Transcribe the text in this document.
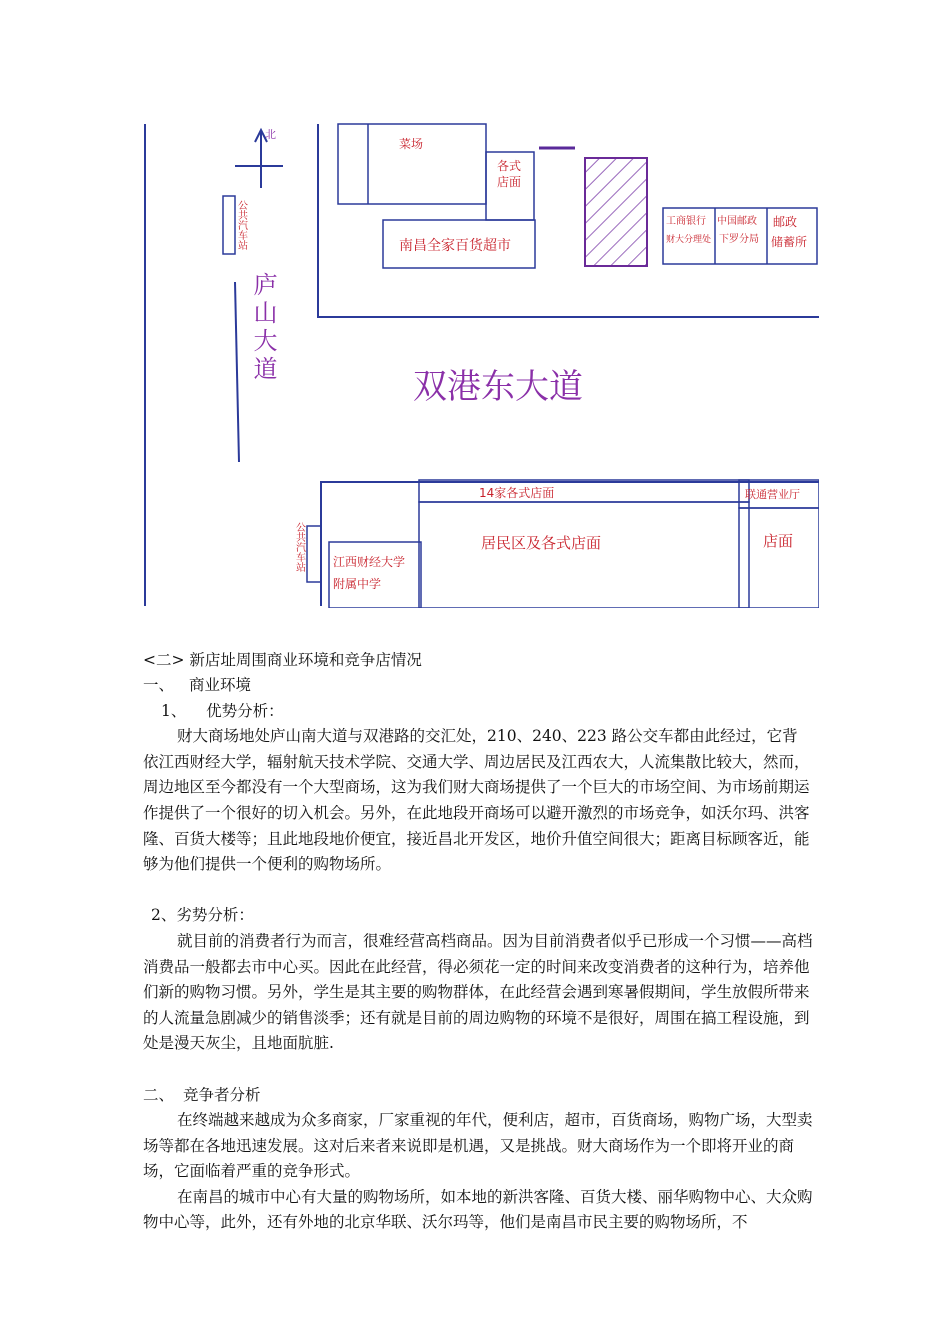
北
公共汽车站
菜场
各式
店面
南昌全家百货超市
工商银行
财大分理处
中国邮政
下罗分局
邮政
储蓄所
庐山大道
双港东大道
14家各式店面
居民区及各式店面
联通营业厅
店面
公共汽车站 江西财经大学
附属中学

<二> 新店址周围商业环境和竞争店情况

一、 商业环境

1、 优势分析：

财大商场地处庐山南大道与双港路的交汇处，210、240、223 路公交车都由此经过，它背依江西财经大学，辐射航天技术学院、交通大学、周边居民及江西农大，人流集散比较大，然而，周边地区至今都没有一个大型商场，这为我们财大商场提供了一个巨大的市场空间、为市场前期运作提供了一个很好的切入机会。另外，在此地段开商场可以避开激烈的市场竞争，如沃尔玛、洪客隆、百货大楼等；且此地段地价便宜，接近昌北开发区，地价升值空间很大；距离目标顾客近，能够为他们提供一个便利的购物场所。

2、劣势分析：

就目前的消费者行为而言，很难经营高档商品。因为目前消费者似乎已形成一个习惯——高档消费品一般都去市中心买。因此在此经营，得必须花一定的时间来改变消费者的这种行为，培养他们新的购物习惯。另外，学生是其主要的购物群体，在此经营会遇到寒暑假期间，学生放假所带来的人流量急剧减少的销售淡季；还有就是目前的周边购物的环境不是很好，周围在搞工程设施，到处是漫天灰尘，且地面肮脏.

二、 竞争者分析

在终端越来越成为众多商家，厂家重视的年代，便利店，超市，百货商场，购物广场，大型卖场等都在各地迅速发展。这对后来者来说即是机遇，又是挑战。财大商场作为一个即将开业的商场，它面临着严重的竞争形式。

在南昌的城市中心有大量的购物场所，如本地的新洪客隆、百货大楼、丽华购物中心、大众购物中心等，此外，还有外地的北京华联、沃尔玛等，他们是南昌市民主要的购物场所，不
